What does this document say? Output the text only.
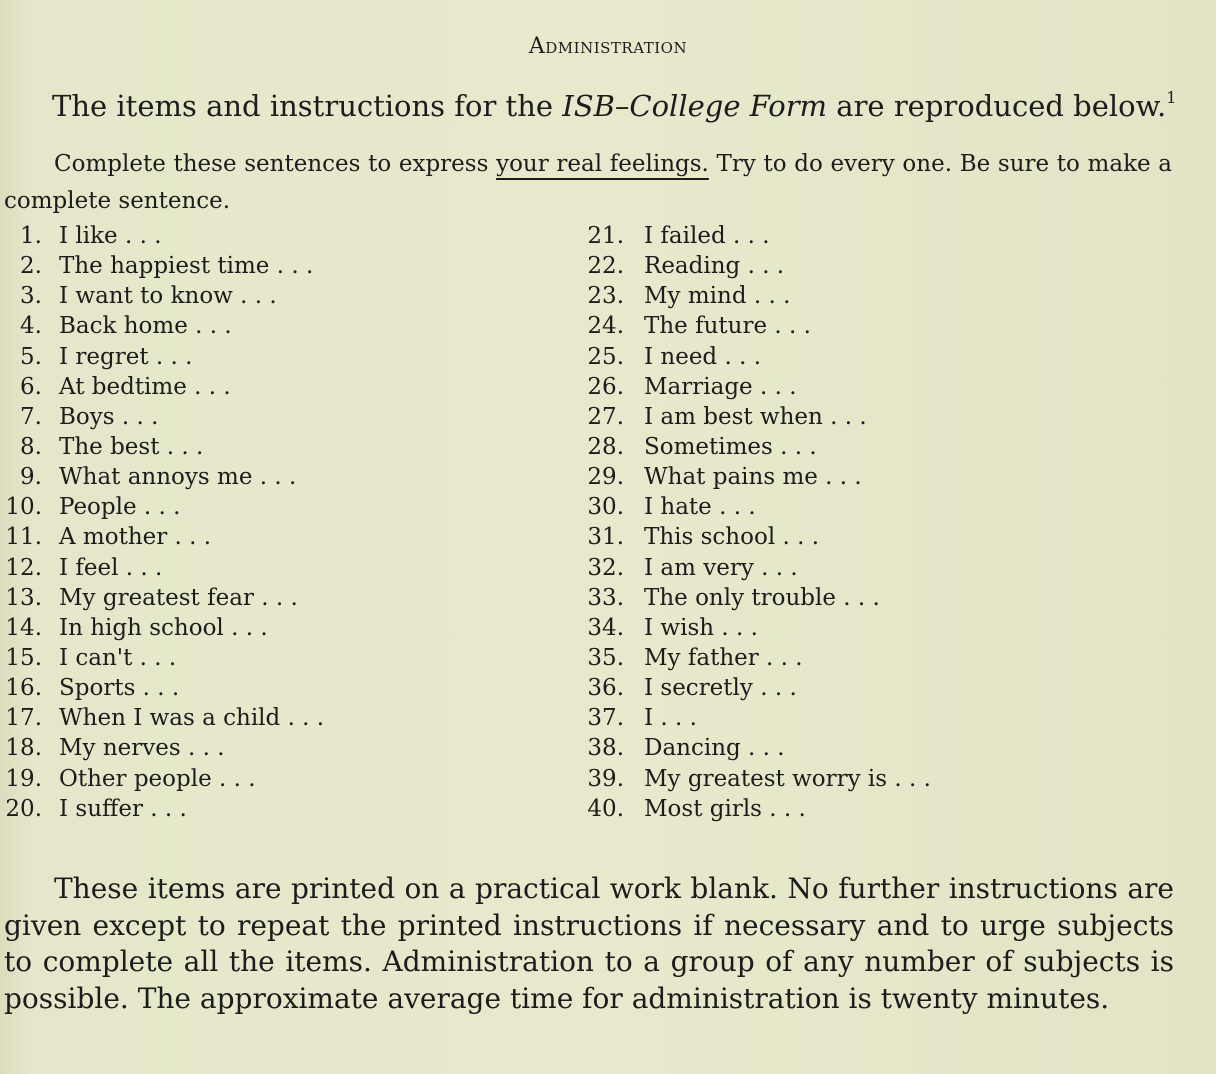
Administration
The items and instructions for the ISB–College Form are reproduced below.$^1$
Complete these sentences to express your real feelings. Try to do every one. Be sure to make a complete sentence.
1. I like . . .
2. The happiest time . . .
3. I want to know . . .
4. Back home . . .
5. I regret . . .
6. At bedtime . . .
7. Boys . . .
8. The best . . .
9. What annoys me . . .
10. People . . .
11. A mother . . .
12. I feel . . .
13. My greatest fear . . .
14. In high school . . .
15. I can't . . .
16. Sports . . .
17. When I was a child . . .
18. My nerves . . .
19. Other people . . .
20. I suffer . . .
21. I failed . . .
22. Reading . . .
23. My mind . . .
24. The future . . .
25. I need . . .
26. Marriage . . .
27. I am best when . . .
28. Sometimes . . .
29. What pains me . . .
30. I hate . . .
31. This school . . .
32. I am very . . .
33. The only trouble . . .
34. I wish . . .
35. My father . . .
36. I secretly . . .
37. I . . .
38. Dancing . . .
39. My greatest worry is . . .
40. Most girls . . .
These items are printed on a practical work blank. No further instructions are given except to repeat the printed instructions if necessary and to urge subjects to complete all the items. Administration to a group of any number of subjects is possible. The approximate average time for administration is twenty minutes.
